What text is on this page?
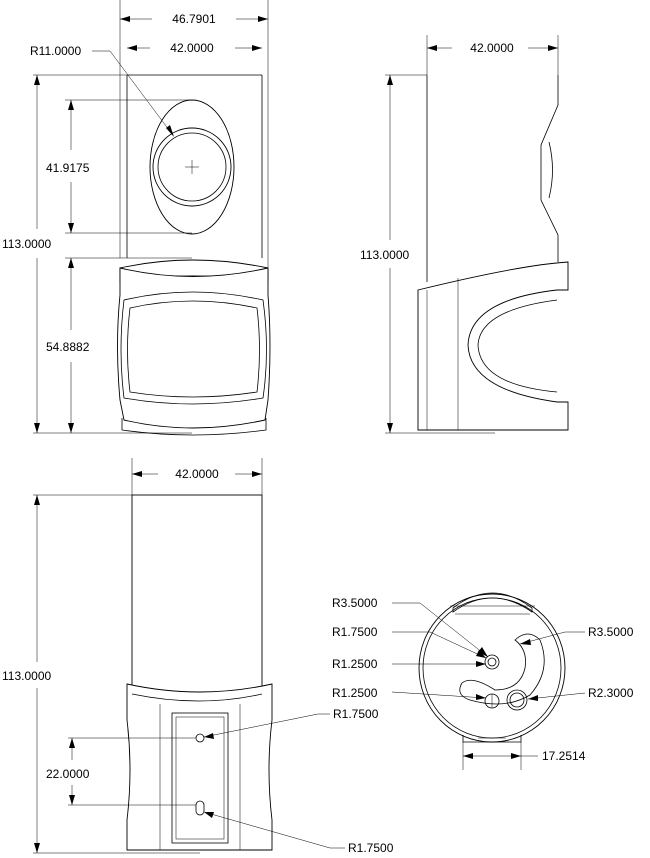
46.7901
42.0000
R11.0000
113.0000
41.9175
54.8882
42.0000
113.0000
42.0000
113.0000
22.0000
R1.7500
R1.7500
R3.5000
R1.7500
R1.2500
R1.2500
R3.5000
R2.3000
17.2514
